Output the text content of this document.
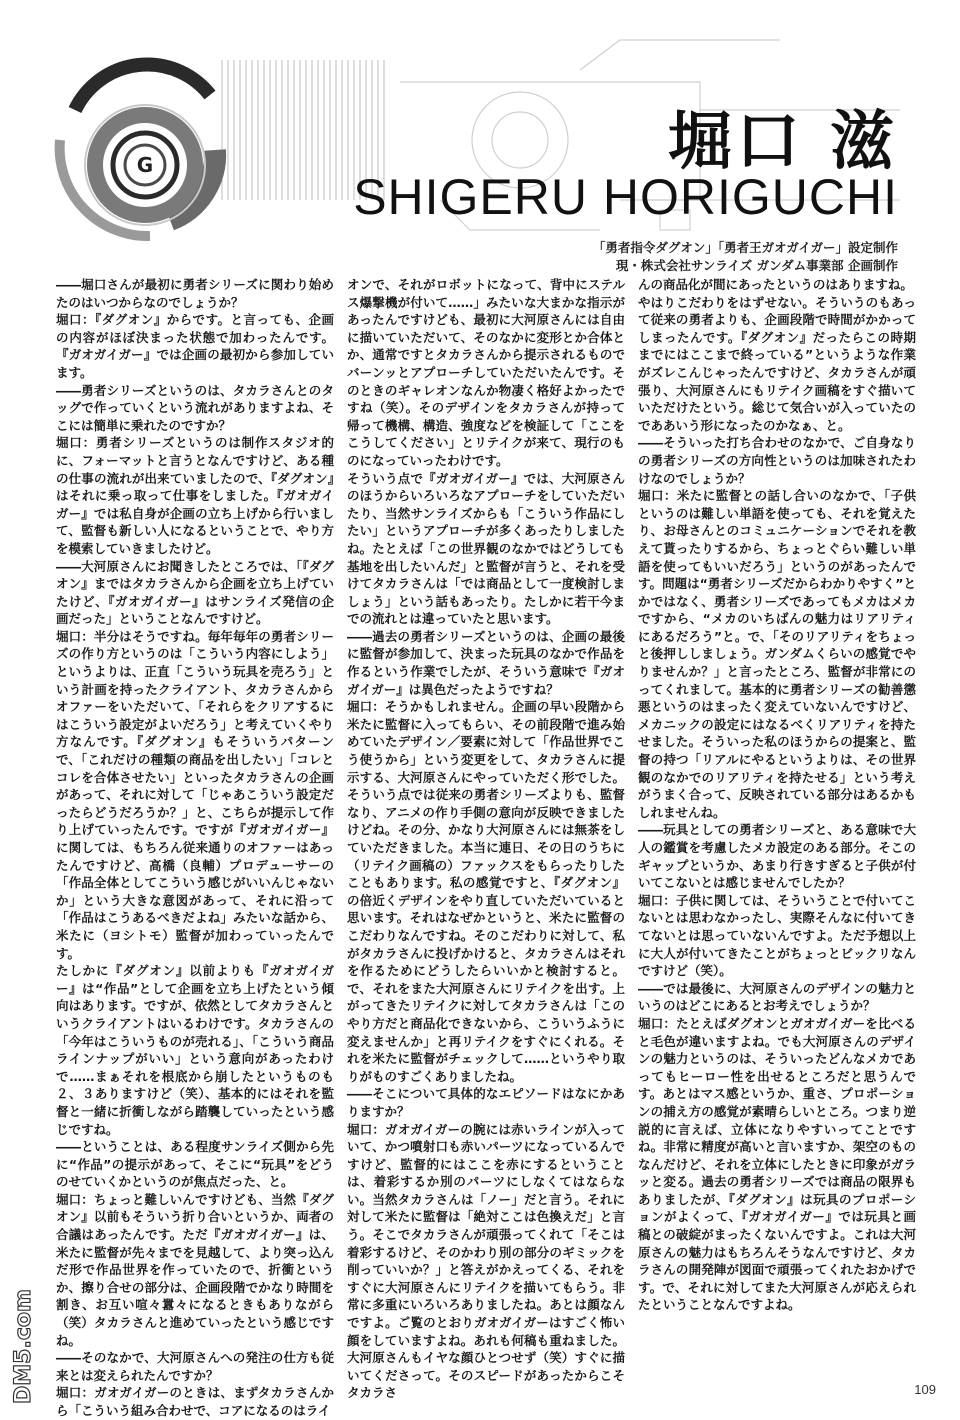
G	堀口 滋
SHIGERU HORIGUCHI
「勇者指令ダグオン」「勇者王ガオガイガー」設定制作
現・株式会社サンライズ ガンダム事業部 企画制作

――堀口さんが最初に勇者シリーズに関わり始めたのはいつからなのでしょうか？

堀口：『ダグオン』からです。と言っても、企画の内容がほぼ決まった状態で加わったんです。『ガオガイガー』では企画の最初から参加しています。

――勇者シリーズというのは、タカラさんとのタッグで作っていくという流れがありますよね、そこには簡単に乗れたのですか？

堀口：勇者シリーズというのは制作スタジオ的に、フォーマットと言うとなんですけど、ある種の仕事の流れが出来ていましたので、『ダグオン』はそれに乗っ取って仕事をしました。『ガオガイガー』では私自身が企画の立ち上げから行いまして、監督も新しい人になるということで、やり方を模索していきましたけど。

――大河原さんにお聞きしたところでは、「『ダグオン』まではタカラさんから企画を立ち上げていたけど、『ガオガイガー』はサンライズ発信の企画だった」ということなんですけど。

堀口：半分はそうですね。毎年毎年の勇者シリーズの作り方というのは「こういう内容にしよう」というよりは、正直「こういう玩具を売ろう」という計画を持ったクライアント、タカラさんからオファーをいただいて、「それらをクリアするにはこういう設定がよいだろう」と考えていくやり方なんです。『ダグオン』もそういうパターンで、「これだけの種類の商品を出したい」「コレとコレを合体させたい」といったタカラさんの企画があって、それに対して「じゃあこういう設定だったらどうだろうか？」と、こちらが提示して作り上げていったんです。ですが『ガオガイガー』に関しては、もちろん従来通りのオファーはあったんですけど、高橋（良輔）プロデューサーの「作品全体としてこういう感じがいいんじゃないか」という大きな意図があって、それに沿って「作品はこうあるべきだよね」みたいな話から、米たに（ヨシトモ）監督が加わっていったんです。

たしかに『ダグオン』以前よりも『ガオガイガー』は“作品”として企画を立ち上げたという傾向はあります。ですが、依然としてタカラさんというクライアントはいるわけです。タカラさんの「今年はこういうものが売れる」、「こういう商品ラインナップがいい」という意向があったわけで……まぁそれを根底から崩したというものも２、３ありますけど（笑）、基本的にはそれを監督と一緒に折衝しながら踏襲していったという感じですね。

――ということは、ある程度サンライズ側から先に“作品”の提示があって、そこに“玩具”をどうのせていくかというのが焦点だった、と。

堀口：ちょっと難しいんですけども、当然『ダグオン』以前もそういう折り合いというか、両者の合議はあったんです。ただ『ガオガイガー』は、米たに監督が先々までを見越して、より突っ込んだ形で作品世界を作っていたので、折衝というか、擦り合せの部分は、企画段階でかなり時間を割き、お互い喧々囂々になるときもありながら（笑）タカラさんと進めていったという感じですね。

――そのなかで、大河原さんへの発注の仕方も従来とは変えられたんですか？

堀口：ガオガイガーのときは、まずタカラさんから「こういう組み合わせで、コアになるのはライ

オンで、それがロボットになって、背中にステルス爆撃機が付いて……」みたいな大まかな指示があったんですけども、最初に大河原さんには自由に描いていただいて、そのなかに変形とか合体とか、通常ですとタカラさんから提示されるものでバーンッとアプローチしていただいたんです。そのときのギャレオンなんか物凄く格好よかったですね（笑）。そのデザインをタカラさんが持って帰って機構、構造、強度などを検証して「ここをこうしてください」とリテイクが来て、現行のものになっていったわけです。

そういう点で『ガオガイガー』では、大河原さんのほうからいろいろなアプローチをしていただいたり、当然サンライズからも「こういう作品にしたい」というアプローチが多くあったりしましたね。たとえば「この世界観のなかではどうしても基地を出したいんだ」と監督が言うと、それを受けてタカラさんは「では商品として一度検討しましょう」という話もあったり。たしかに若干今までの流れとは違っていたと思います。

――過去の勇者シリーズというのは、企画の最後に監督が参加して、決まった玩具のなかで作品を作るという作業でしたが、そういう意味で『ガオガイガー』は異色だったようですね？

堀口：そうかもしれません。企画の早い段階から米たに監督に入ってもらい、その前段階で進み始めていたデザイン／要素に対して「作品世界でこう使うから」という変更をして、タカラさんに提示する、大河原さんにやっていただく形でした。そういう点では従来の勇者シリーズよりも、監督なり、アニメの作り手側の意向が反映できましたけどね。その分、かなり大河原さんには無茶をしていただきました。本当に連日、その日のうちに（リテイク画稿の）ファックスをもらったりしたこともあります。私の感覚ですと、『ダグオン』の倍近くデザインをやり直していただいていると思います。それはなぜかというと、米たに監督のこだわりなんですね。そのこだわりに対して、私がタカラさんに投げかけると、タカラさんはそれを作るためにどうしたらいいかと検討すると。で、それをまた大河原さんにリテイクを出す。上がってきたリテイクに対してタカラさんは「このやり方だと商品化できないから、こういうふうに変えませんか」と再リテイクをすぐにくれる。それを米たに監督がチェックして……というやり取りがものすごくありましたね。

――そこについて具体的なエピソードはなにかありますか？

堀口：ガオガイガーの腕には赤いラインが入っていて、かつ噴射口も赤いパーツになっているんですけど、監督的にはここを赤にするということは、着彩するか別のパーツにしなくてはならない。当然タカラさんは「ノー」だと言う。それに対して米たに監督は「絶対ここは色換えだ」と言う。そこでタカラさんが頑張ってくれて「そこは着彩するけど、そのかわり別の部分のギミックを削っていいか？」と答えがかえってくる、それをすぐに大河原さんにリテイクを描いてもらう。非常に多重にいろいろありましたね。あとは顔なんですよ。ご覧のとおりガオガイガーはすごく怖い顔をしていますよね。あれも何稿も重ねました。大河原さんもイヤな顔ひとつせず（笑）すぐに描いてくださって。そのスピードがあったからこそタカラさ

んの商品化が間にあったというのはありますね。

やはりこだわりをはずせない。そういうのもあって従来の勇者よりも、企画段階で時間がかかってしまったんです。『ダグオン』だったらこの時期までにはここまで終っている”というような作業がズレこんじゃったんですけど、タカラさんが頑張り、大河原さんにもリテイク画稿をすぐ描いていただけたという。総じて気合いが入っていたのでああいう形になったのかなぁ、と。

――そういった打ち合わせのなかで、ご自身なりの勇者シリーズの方向性というのは加味されたわけなのでしょうか？

堀口：米たに監督との話し合いのなかで、「子供というのは難しい単語を使っても、それを覚えたり、お母さんとのコミュニケーションでそれを教えて貰ったりするから、ちょっとぐらい難しい単語を使ってもいいだろう」というのがあったんです。問題は“勇者シリーズだからわかりやすく”とかではなく、勇者シリーズであってもメカはメカですから、“メカのいちばんの魅力はリアリティにあるだろう”と。で、「そのリアリティをちょっと後押ししましょう。ガンダムくらいの感覚でやりませんか？」と言ったところ、監督が非常にのってくれまして。基本的に勇者シリーズの勧善懲悪というのはまったく変えていないんですけど、メカニックの設定にはなるべくリアリティを持たせました。そういった私のほうからの提案と、監督の持つ「リアルにやるというよりは、その世界観のなかでのリアリティを持たせる」という考えがうまく合って、反映されている部分はあるかもしれませんね。

――玩具としての勇者シリーズと、ある意味で大人の鑑賞を考慮したメカ設定のある部分。そこのギャップというか、あまり行きすぎると子供が付いてこないとは感じませんでしたか？

堀口：子供に関しては、そういうことで付いてこないとは思わなかったし、実際そんなに付いてきてないとは思っていないんですよ。ただ予想以上に大人が付いてきたことがちょっとビックリなんですけど（笑）。

――では最後に、大河原さんのデザインの魅力というのはどこにあるとお考えでしょうか？

堀口：たとえばダグオンとガオガイガーを比べると毛色が違いますよね。でも大河原さんのデザインの魅力というのは、そういったどんなメカであってもヒーロー性を出せるところだと思うんです。あとはマス感というか、重さ、プロポーションの捕え方の感覚が素晴らしいところ。つまり逆説的に言えば、立体になりやすいってことですね。非常に精度が高いと言いますか、架空のものなんだけど、それを立体にしたときに印象がガラッと変る。過去の勇者シリーズでは商品の限界もありましたが、『ダグオン』は玩具のプロポーションがよくって、『ガオガイガー』では玩具と画稿との破綻がまったくないんですよ。これは大河原さんの魅力はもちろんそうなんですけど、タカラさんの開発陣が図面で頑張ってくれたおかげです。で、それに対してまた大河原さんが応えられたということなんですよね。

DM5.com	109
